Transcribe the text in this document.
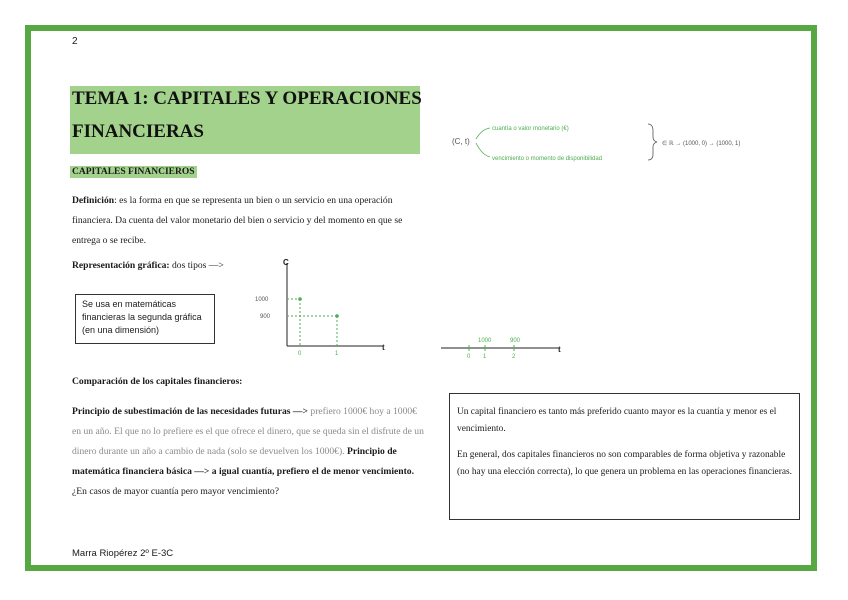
2
TEMA 1: CAPITALES Y OPERACIONES
FINANCIERAS
CAPITALES FINANCIEROS
Definición: es la forma en que se representa un bien o un servicio en una operación financiera. Da cuenta del valor monetario del bien o servicio y del momento en que se entrega o se recibe.
Representación gráfica: dos tipos —>
Se usa en matemáticas financieras la segunda gráfica (en una dimensión)
C
t
1000
900
0	1	t
1000	900
0 1	2
(C, t)
cuantía o valor monetario (€)
vencimiento o momento de disponibilidad
∈ ℝ → (1000, 0) → (1000, 1)
Comparación de los capitales financieros:
Principio de subestimación de las necesidades futuras —> prefiero 1000€ hoy a 1000€ en un año. El que no lo prefiere es el que ofrece el dinero, que se queda sin el disfrute de un dinero durante un año a cambio de nada (solo se devuelven los 1000€). Principio de matemática financiera básica —> a igual cuantía, prefiero el de menor vencimiento. ¿En casos de mayor cuantía pero mayor vencimiento?

Un capital financiero es tanto más preferido cuanto mayor es la cuantía y menor es el vencimiento.

En general, dos capitales financieros no son comparables de forma objetiva y razonable (no hay una elección correcta), lo que genera un problema en las operaciones financieras.

Marra Riopérez 2º E-3C
